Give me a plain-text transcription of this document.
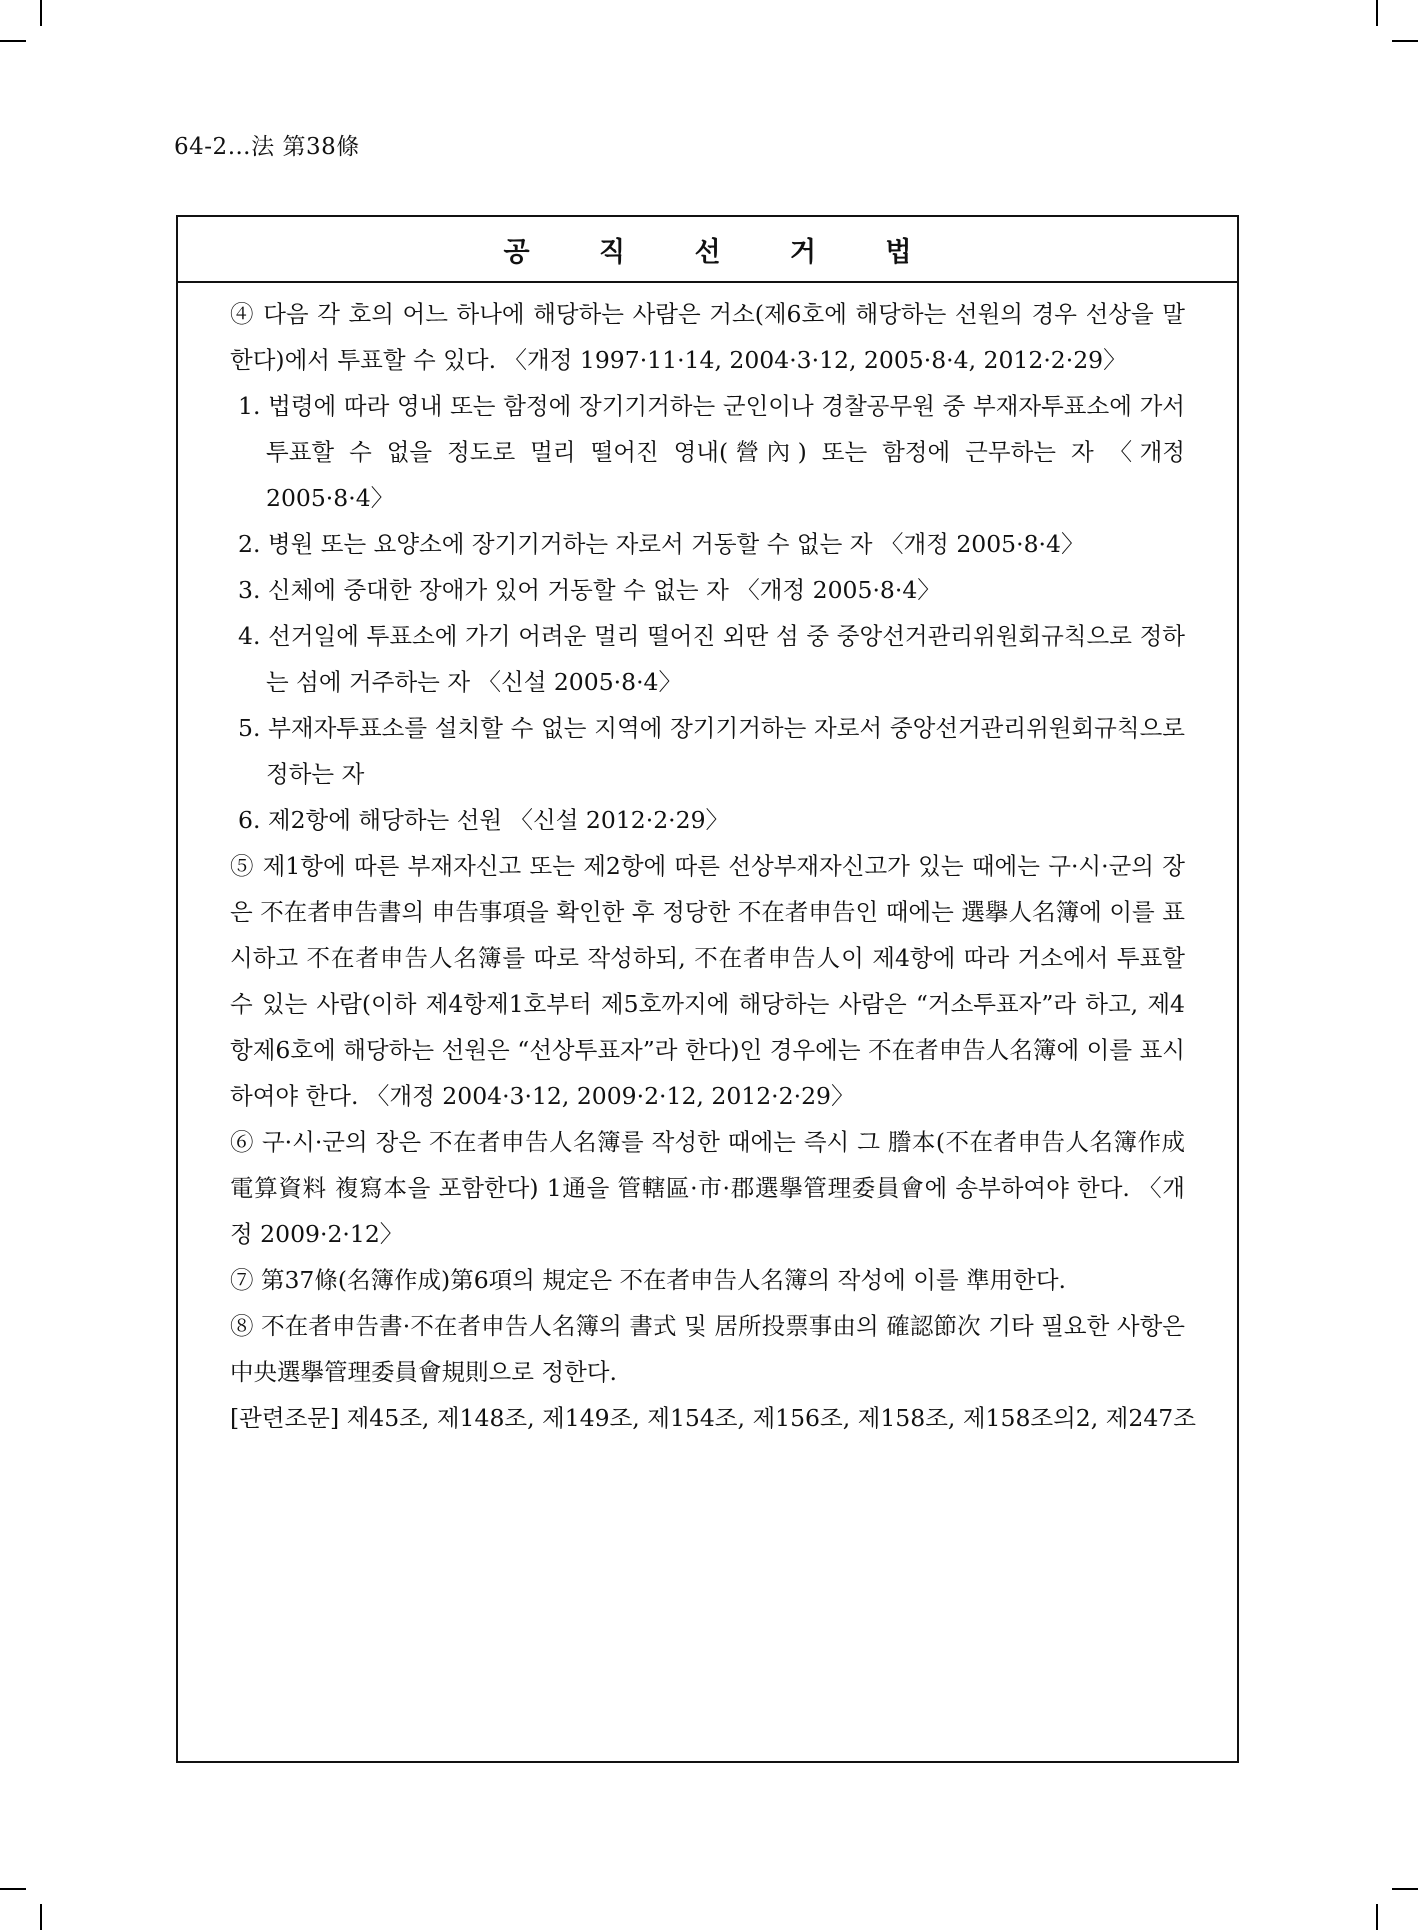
64-2…法 第38條
공 직 선 거 법

④ 다음 각 호의 어느 하나에 해당하는 사람은 거소(제6호에 해당하는 선원의 경우 선상을 말한다)에서 투표할 수 있다. 〈개정 1997·11·14, 2004·3·12, 2005·8·4, 2012·2·29〉

1. 법령에 따라 영내 또는 함정에 장기기거하는 군인이나 경찰공무원 중 부재자투표소에 가서 투표할 수 없을 정도로 멀리 떨어진 영내(營內) 또는 함정에 근무하는 자 〈개정 2005·8·4〉

2. 병원 또는 요양소에 장기기거하는 자로서 거동할 수 없는 자 〈개정 2005·8·4〉

3. 신체에 중대한 장애가 있어 거동할 수 없는 자 〈개정 2005·8·4〉

4. 선거일에 투표소에 가기 어려운 멀리 떨어진 외딴 섬 중 중앙선거관리위원회규칙으로 정하는 섬에 거주하는 자 〈신설 2005·8·4〉

5. 부재자투표소를 설치할 수 없는 지역에 장기기거하는 자로서 중앙선거관리위원회규칙으로 정하는 자

6. 제2항에 해당하는 선원 〈신설 2012·2·29〉

⑤ 제1항에 따른 부재자신고 또는 제2항에 따른 선상부재자신고가 있는 때에는 구·시·군의 장은 不在者申告書의 申告事項을 확인한 후 정당한 不在者申告인 때에는 選擧人名簿에 이를 표시하고 不在者申告人名簿를 따로 작성하되, 不在者申告人이 제4항에 따라 거소에서 투표할 수 있는 사람(이하 제4항제1호부터 제5호까지에 해당하는 사람은 “거소투표자”라 하고, 제4항제6호에 해당하는 선원은 “선상투표자”라 한다)인 경우에는 不在者申告人名簿에 이를 표시하여야 한다. 〈개정 2004·3·12, 2009·2·12, 2012·2·29〉

⑥ 구·시·군의 장은 不在者申告人名簿를 작성한 때에는 즉시 그 謄本(不在者申告人名簿作成 電算資料 複寫本을 포함한다) 1通을 管轄區·市·郡選擧管理委員會에 송부하여야 한다. 〈개정 2009·2·12〉

⑦ 第37條(名簿作成)第6項의 規定은 不在者申告人名簿의 작성에 이를 準用한다.

⑧ 不在者申告書·不在者申告人名簿의 書式 및 居所投票事由의 確認節次 기타 필요한 사항은 中央選擧管理委員會規則으로 정한다.

[관련조문] 제45조, 제148조, 제149조, 제154조, 제156조, 제158조, 제158조의2, 제247조
